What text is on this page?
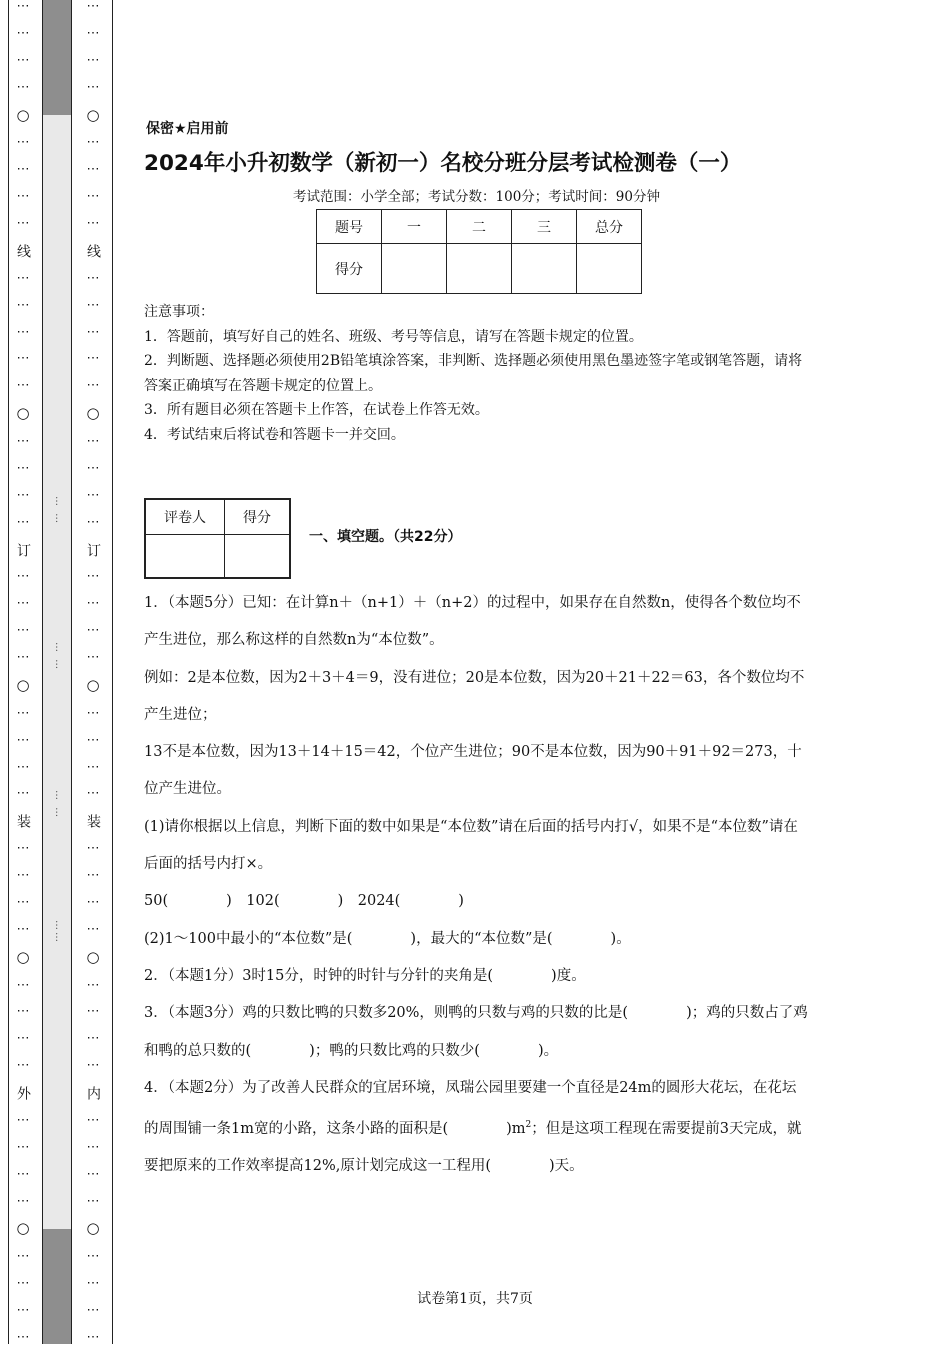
⋯
⋯
⋯
⋯
○
⋯
⋯
⋯
⋯
线
⋯
⋯
⋯
⋯
⋯
○
⋯
⋯
⋯
⋯
订
⋯
⋯
⋯
⋯
○
⋯
⋯
⋯
⋯
装
⋯
⋯
⋯
⋯
○
⋯
⋯
⋯
⋯
外
⋯
⋯
⋯
⋯
○
⋯
⋯
⋯
⋯
… …
… …
… …
……
⋯
⋯
⋯
⋯
○
⋯
⋯
⋯
⋯
线
⋯
⋯
⋯
⋯
⋯
○
⋯
⋯
⋯
⋯
订
⋯
⋯
⋯
⋯
○
⋯
⋯
⋯
⋯
装
⋯
⋯
⋯
⋯
○
⋯
⋯
⋯
⋯
内
⋯
⋯
⋯
⋯
○
⋯
⋯
⋯
⋯
保密★启用前
2024年小升初数学（新初一）名校分班分层考试检测卷（一）
考试范围：小学全部；考试分数：100分；考试时间：90分钟
题号	一	二	三	总分
得分				

注意事项：

1．答题前，填写好自己的姓名、班级、考号等信息，请写在答题卡规定的位置。

2．判断题、选择题必须使用2B铅笔填涂答案，非判断、选择题必须使用黑色墨迹签字笔或钢笔答题，请将答案正确填写在答题卡规定的位置上。

3．所有题目必须在答题卡上作答，在试卷上作答无效。

4．考试结束后将试卷和答题卡一并交回。

评卷人	得分

一、填空题。（共22分）

1．（本题5分）已知：在计算n＋（n+1）＋（n+2）的过程中，如果存在自然数n，使得各个数位均不产生进位，那么称这样的自然数n为“本位数”。

例如：2是本位数，因为2＋3＋4＝9，没有进位；20是本位数，因为20＋21＋22＝63，各个数位均不产生进位；

13不是本位数，因为13＋14＋15＝42，个位产生进位；90不是本位数，因为90＋91＋92＝273，十位产生进位。

(1)请你根据以上信息，判断下面的数中如果是“本位数”请在后面的括号内打√，如果不是“本位数”请在后面的括号内打×。

50(　　　　)　102(　　　　)　2024(　　　　)

(2)1～100中最小的“本位数”是(　　　　)，最大的“本位数”是(　　　　)。

2．（本题1分）3时15分，时钟的时针与分针的夹角是(　　　　)度。

3．（本题3分）鸡的只数比鸭的只数多20%，则鸭的只数与鸡的只数的比是(　　　　)；鸡的只数占了鸡和鸭的总只数的(　　　　)；鸭的只数比鸡的只数少(　　　　)。

4．（本题2分）为了改善人民群众的宜居环境，凤瑞公园里要建一个直径是24m的圆形大花坛，在花坛的周围铺一条1m宽的小路，这条小路的面积是(　　　　)$m^2$；但是这项工程现在需要提前3天完成，就要把原来的工作效率提高12%,原计划完成这一工程用(　　　　)天。

试卷第1页，共7页
